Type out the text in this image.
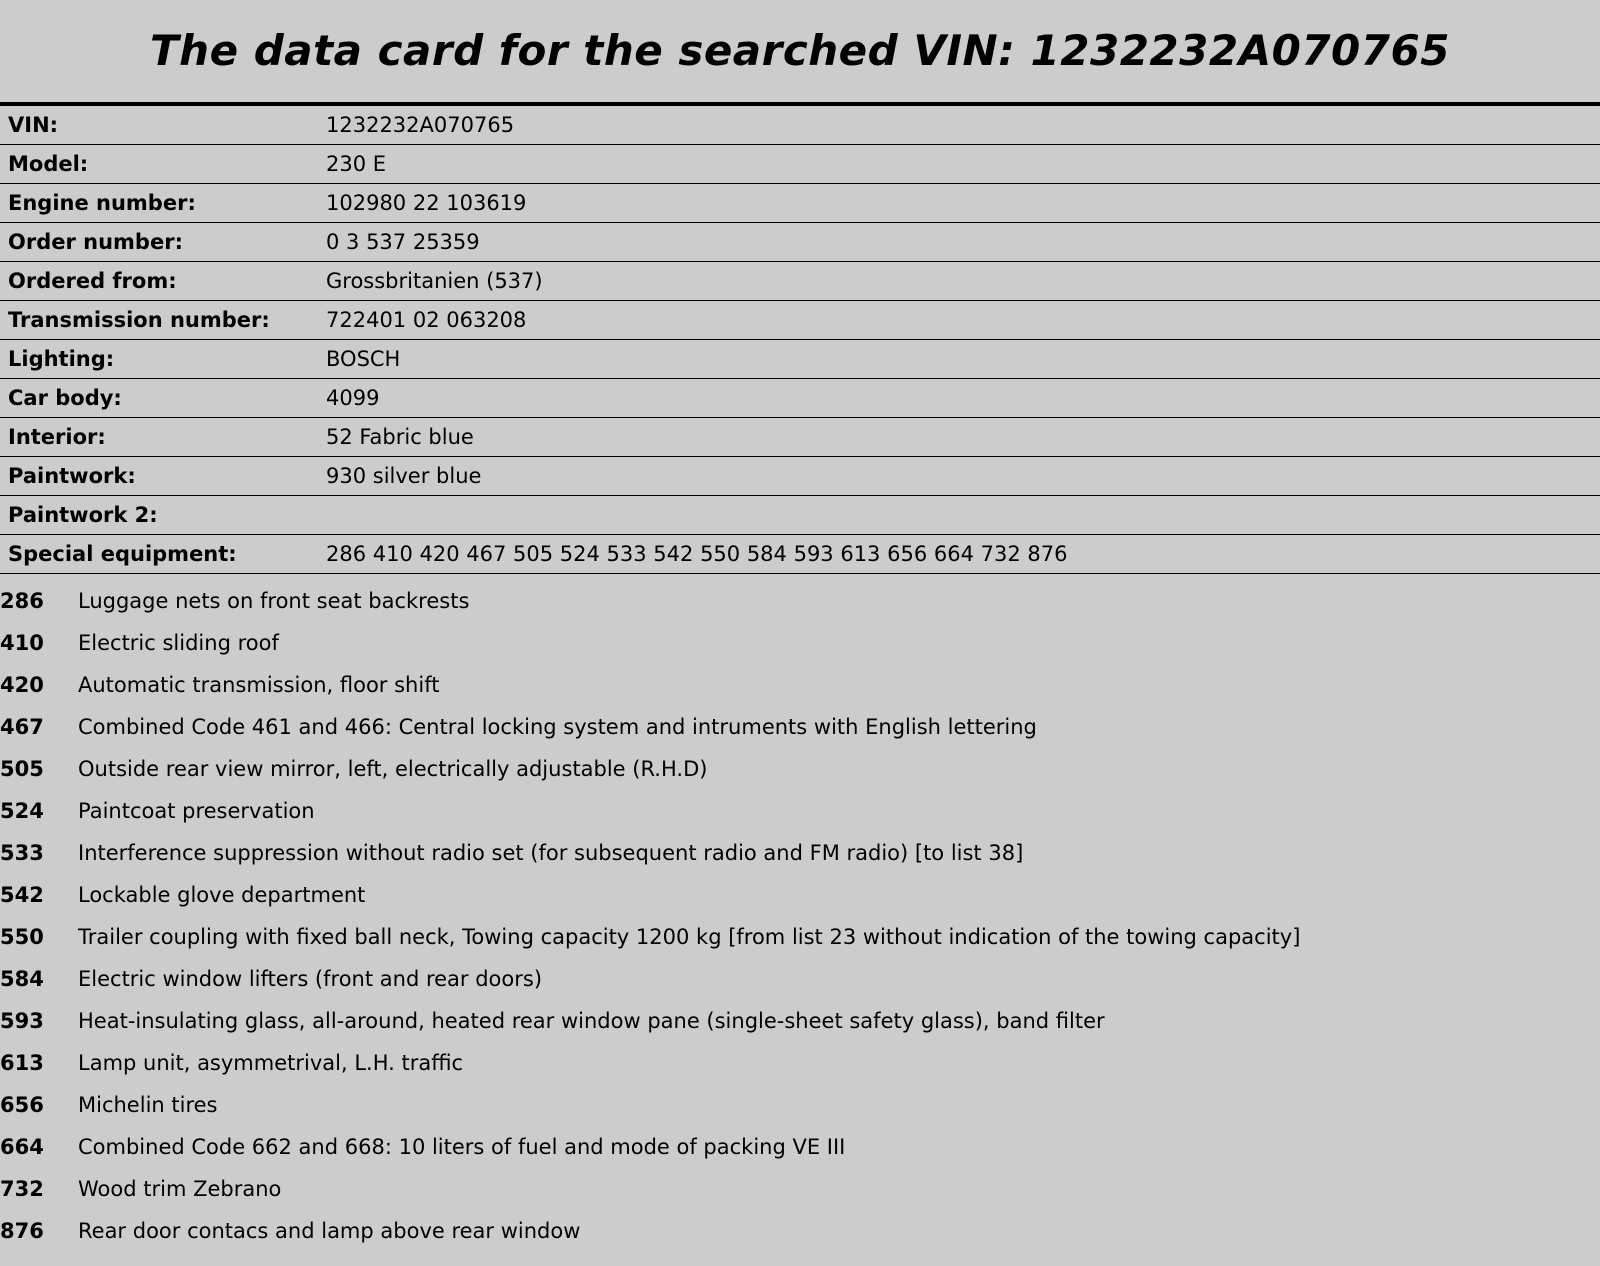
The data card for the searched VIN: 1232232A070765
VIN:	1232232A070765
Model:	230 E
Engine number:	102980 22 103619
Order number:	0 3 537 25359
Ordered from:	Grossbritanien (537)
Transmission number:	722401 02 063208
Lighting:	BOSCH
Car body:	4099
Interior:	52 Fabric blue
Paintwork:	930 silver blue
Paintwork 2:	
Special equipment:	286 410 420 467 505 524 533 542 550 584 593 613 656 664 732 876
286	Luggage nets on front seat backrests
410	Electric sliding roof
420	Automatic transmission, floor shift
467	Combined Code 461 and 466: Central locking system and intruments with English lettering
505	Outside rear view mirror, left, electrically adjustable (R.H.D)
524	Paintcoat preservation
533	Interference suppression without radio set (for subsequent radio and FM radio) [to list 38]
542	Lockable glove department
550	Trailer coupling with fixed ball neck, Towing capacity 1200 kg [from list 23 without indication of the towing capacity]
584	Electric window lifters (front and rear doors)
593	Heat-insulating glass, all-around, heated rear window pane (single-sheet safety glass), band filter
613	Lamp unit, asymmetrival, L.H. traffic
656	Michelin tires
664	Combined Code 662 and 668: 10 liters of fuel and mode of packing VE III
732	Wood trim Zebrano
876	Rear door contacs and lamp above rear window
